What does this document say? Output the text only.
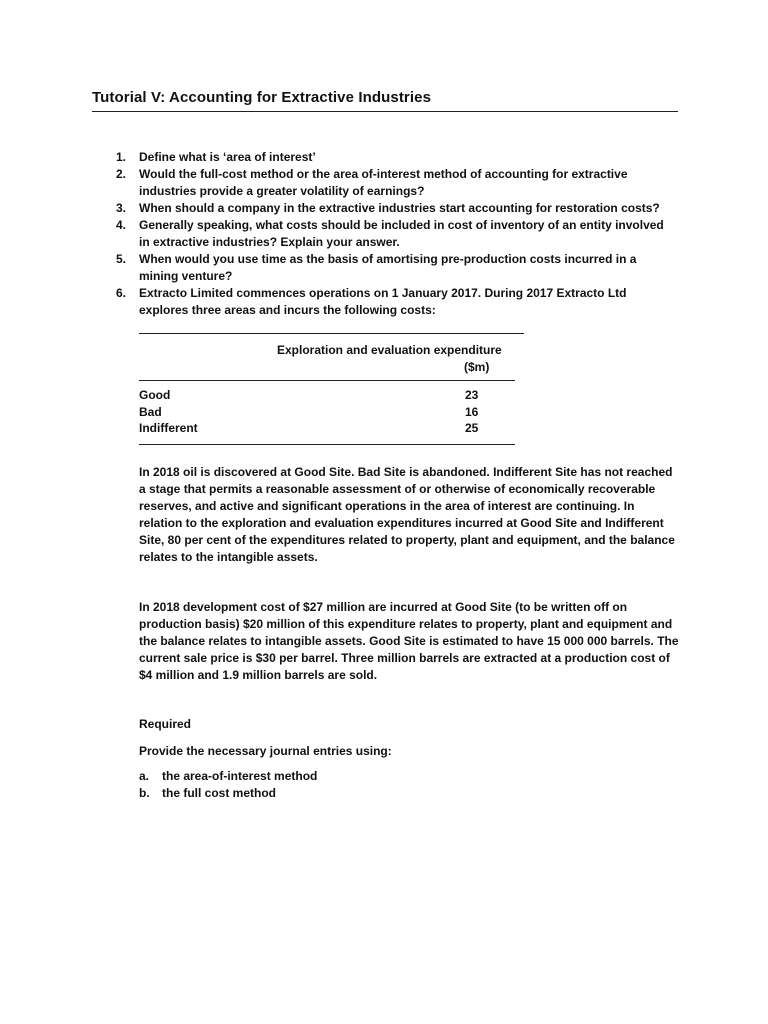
Tutorial V: Accounting for Extractive Industries
1. Define what is ‘area of interest’
2. Would the full-cost method or the area of-interest method of accounting for extractive industries provide a greater volatility of earnings?
3. When should a company in the extractive industries start accounting for restoration costs?
4. Generally speaking, what costs should be included in cost of inventory of an entity involved in extractive industries? Explain your answer.
5. When would you use time as the basis of amortising pre-production costs incurred in a mining venture?
6. Extracto Limited commences operations on 1 January 2017. During 2017 Extracto Ltd explores three areas and incurs the following costs:
Exploration and evaluation expenditure
($m)
Good	23
Bad	16
Indifferent	25
In 2018 oil is discovered at Good Site. Bad Site is abandoned. Indifferent Site has not reached a stage that permits a reasonable assessment of or otherwise of economically recoverable reserves, and active and significant operations in the area of interest are continuing. In relation to the exploration and evaluation expenditures incurred at Good Site and Indifferent Site, 80 per cent of the expenditures related to property, plant and equipment, and the balance relates to the intangible assets.
In 2018 development cost of $27 million are incurred at Good Site (to be written off on production basis) $20 million of this expenditure relates to property, plant and equipment and the balance relates to intangible assets. Good Site is estimated to have 15 000 000 barrels. The current sale price is $30 per barrel. Three million barrels are extracted at a production cost of $4 million and 1.9 million barrels are sold.
Required
Provide the necessary journal entries using:
a. the area-of-interest method
b. the full cost method
